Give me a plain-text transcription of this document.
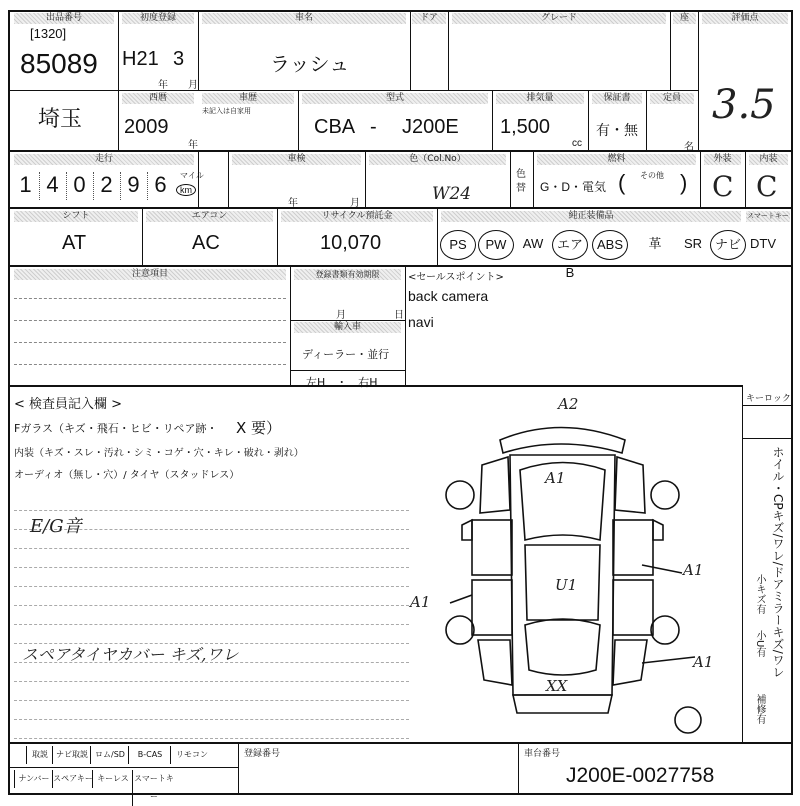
出品番号
[1320]
85089
初度登録
H21 3
年 月
車名
ラッシュ
ドア	グレード	座	評価点
3.5
埼玉
西暦
2009
年
車歴
未記入は自家用
型式
CBA - J200E
排気量
1,500
cc
保証書
有・無
定員
名
走行
1 4 0 2 9 6	マイル
km
車検
年	月
色（Col.No）
W24
色替
燃料
G・D・電気
その他
( )
外装	内装
C C
シフト
AT
エアコン
AC
リサイクル預託金
10,070
純正装備品	スマートキー
PS	PW	AW	エアB
ABS	革	SR ナビ DTV
注意項目	登録書類有効期限
月	日
輸入車
ディーラー・並行
左H　・　右H
<セールスポイント>
back camera
navi
< 検査員記入欄 >
Fガラス（キズ・飛石・ヒビ・リペア跡・ X 要）
内装（キズ・スレ・汚れ・シミ・コゲ・穴・キレ・破れ・剥れ）
オーディオ（無し・穴）/ タイヤ（スタッドレス）
E/G音
スペアタイヤカバー キズ,ワレ
キーロック
ホイル・CPキズ/ワレ/ドアミラーキズ/ワレ
小キズ有
小U有
補修有
A2
A1
U1
A1
A1
A1
XX
取説	ナビ取説 ロム/SD	B-CAS	リモコン
ナンバー スペアキー キーレス スマートキー
登録番号	車台番号
J200E-0027758
